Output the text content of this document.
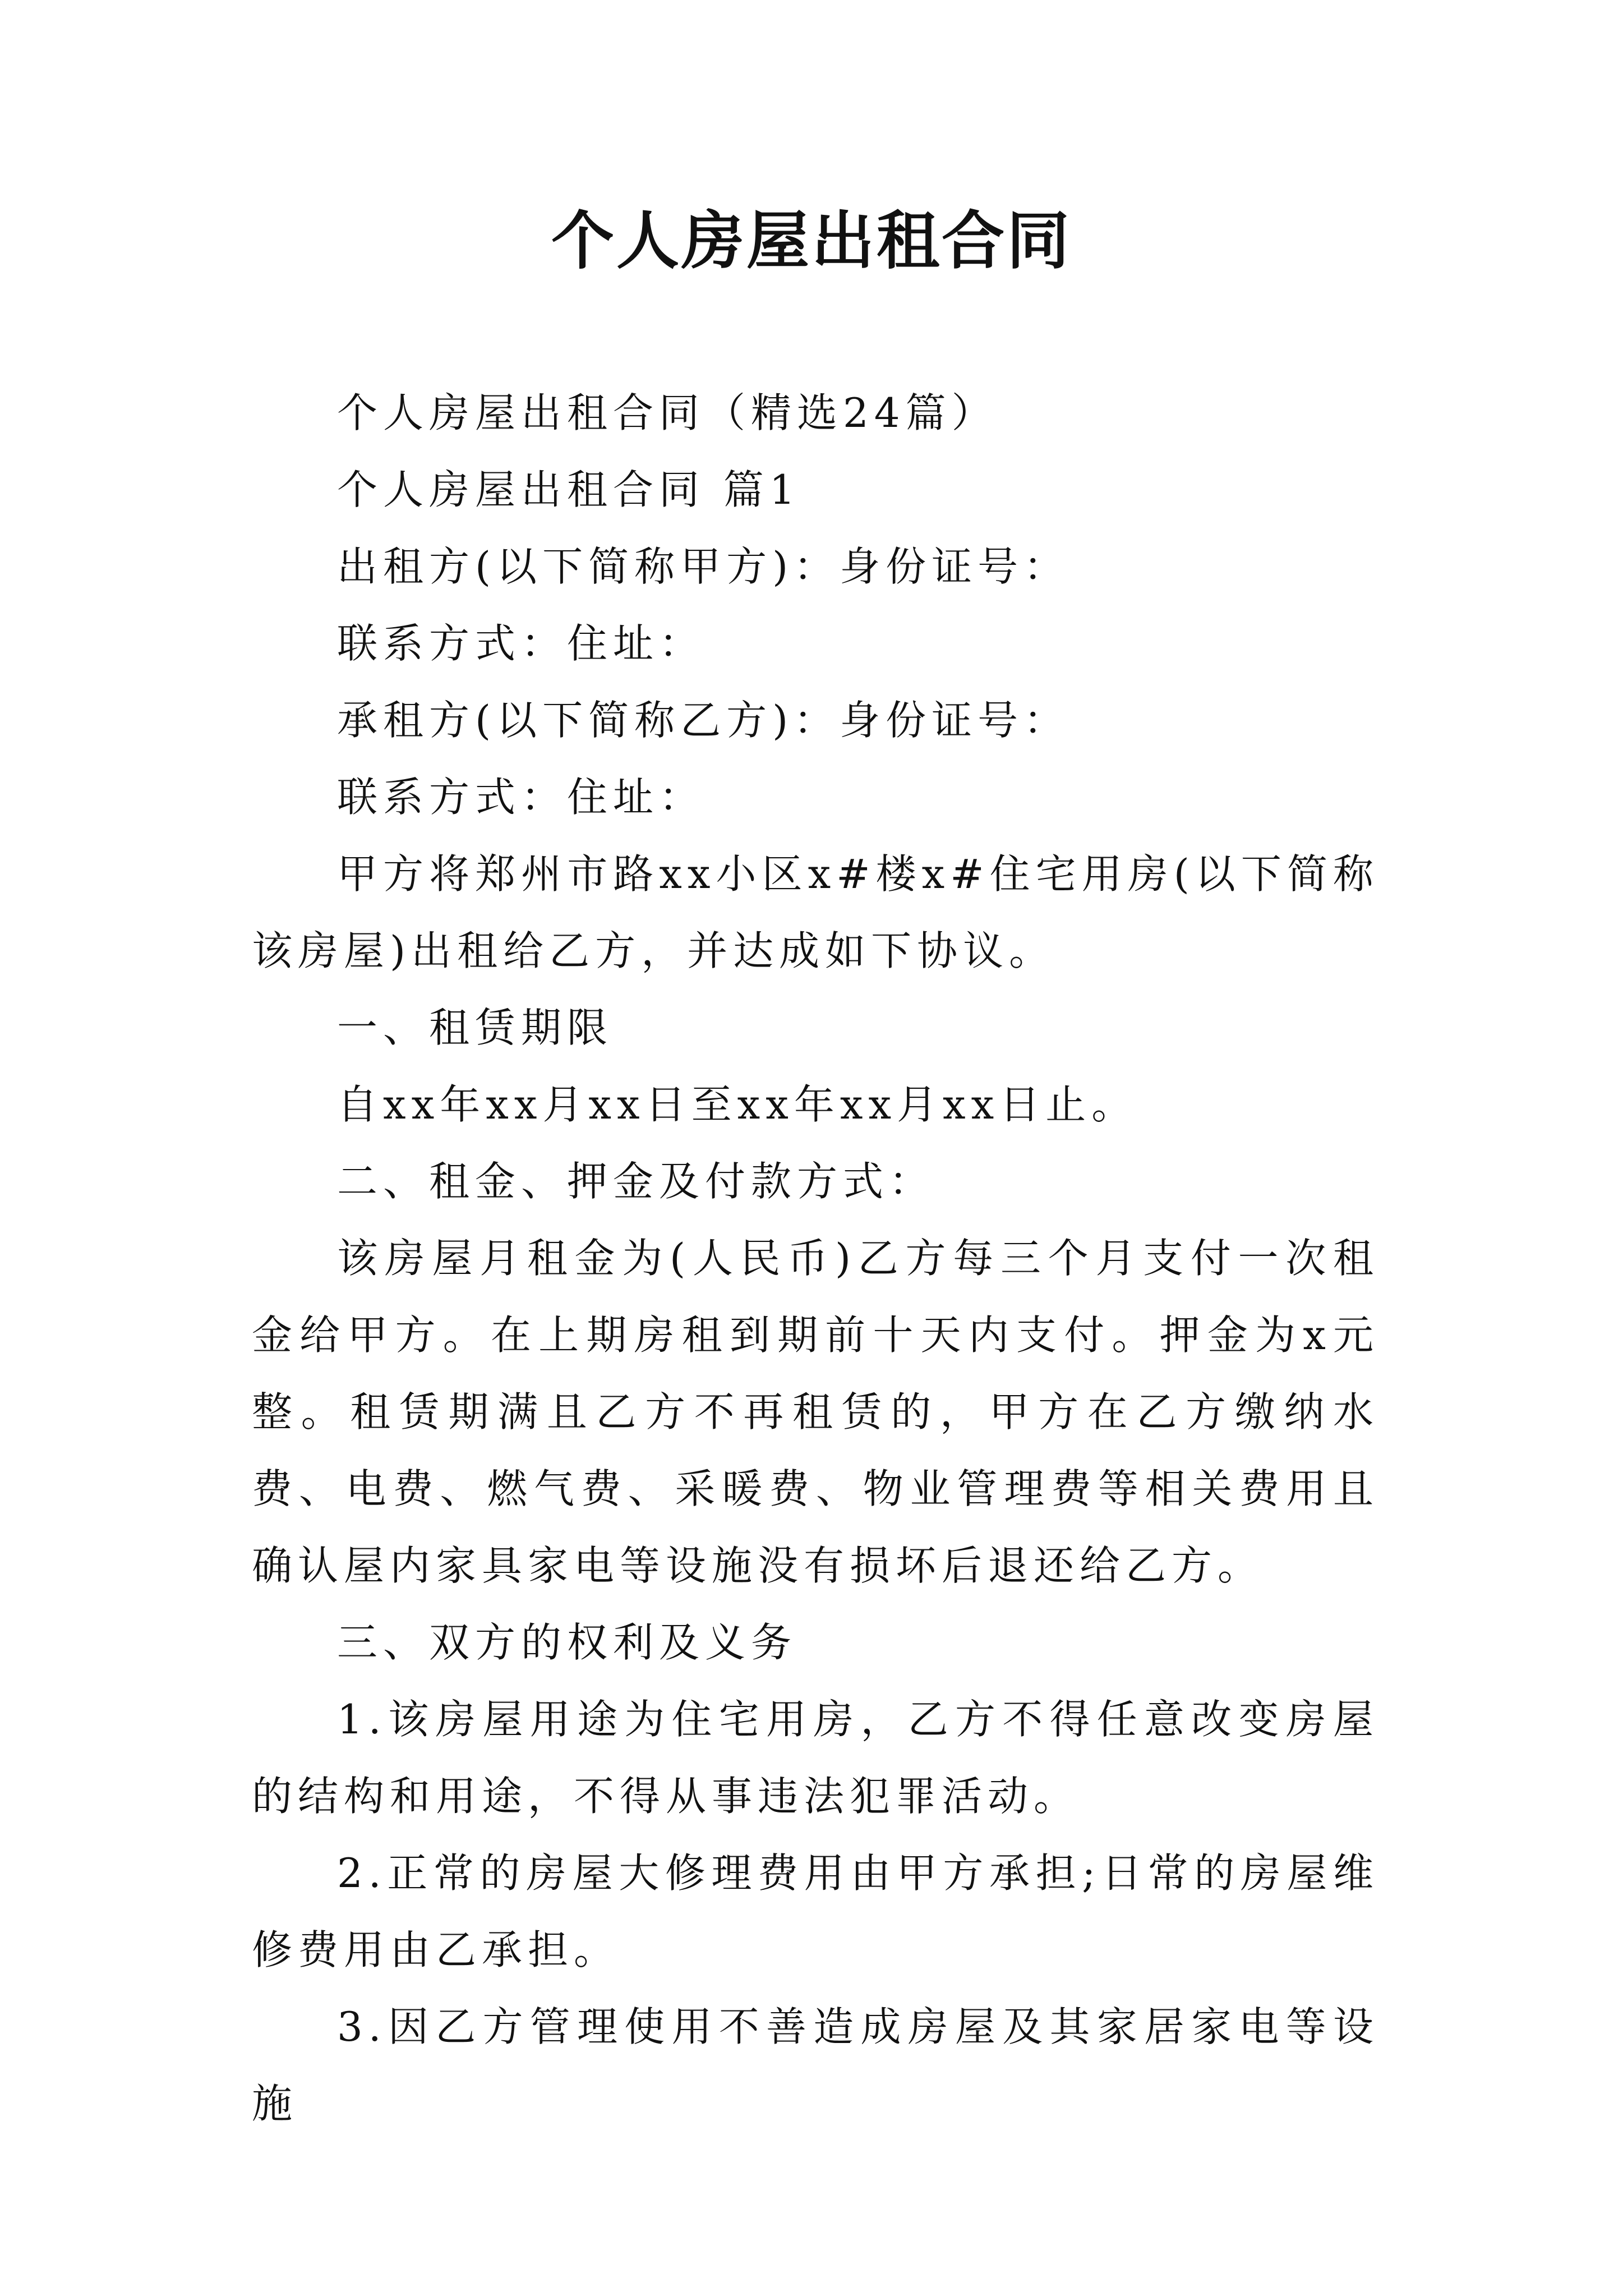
个人房屋出租合同

个人房屋出租合同（精选24篇）

个人房屋出租合同 篇1

出租方(以下简称甲方)：身份证号：

联系方式：住址：

承租方(以下简称乙方)：身份证号：

联系方式：住址：

甲方将郑州市路xx小区x#楼x#住宅用房(以下简称该房屋)出租给乙方，并达成如下协议。

一、租赁期限

自xx年xx月xx日至xx年xx月xx日止。

二、租金、押金及付款方式：

该房屋月租金为(人民币)乙方每三个月支付一次租金给甲方。在上期房租到期前十天内支付。押金为x元整。租赁期满且乙方不再租赁的，甲方在乙方缴纳水费、电费、燃气费、采暖费、物业管理费等相关费用且确认屋内家具家电等设施没有损坏后退还给乙方。

三、双方的权利及义务

1.该房屋用途为住宅用房，乙方不得任意改变房屋的结构和用途，不得从事违法犯罪活动。

2.正常的房屋大修理费用由甲方承担;日常的房屋维修费用由乙承担。

3.因乙方管理使用不善造成房屋及其家居家电等设施
